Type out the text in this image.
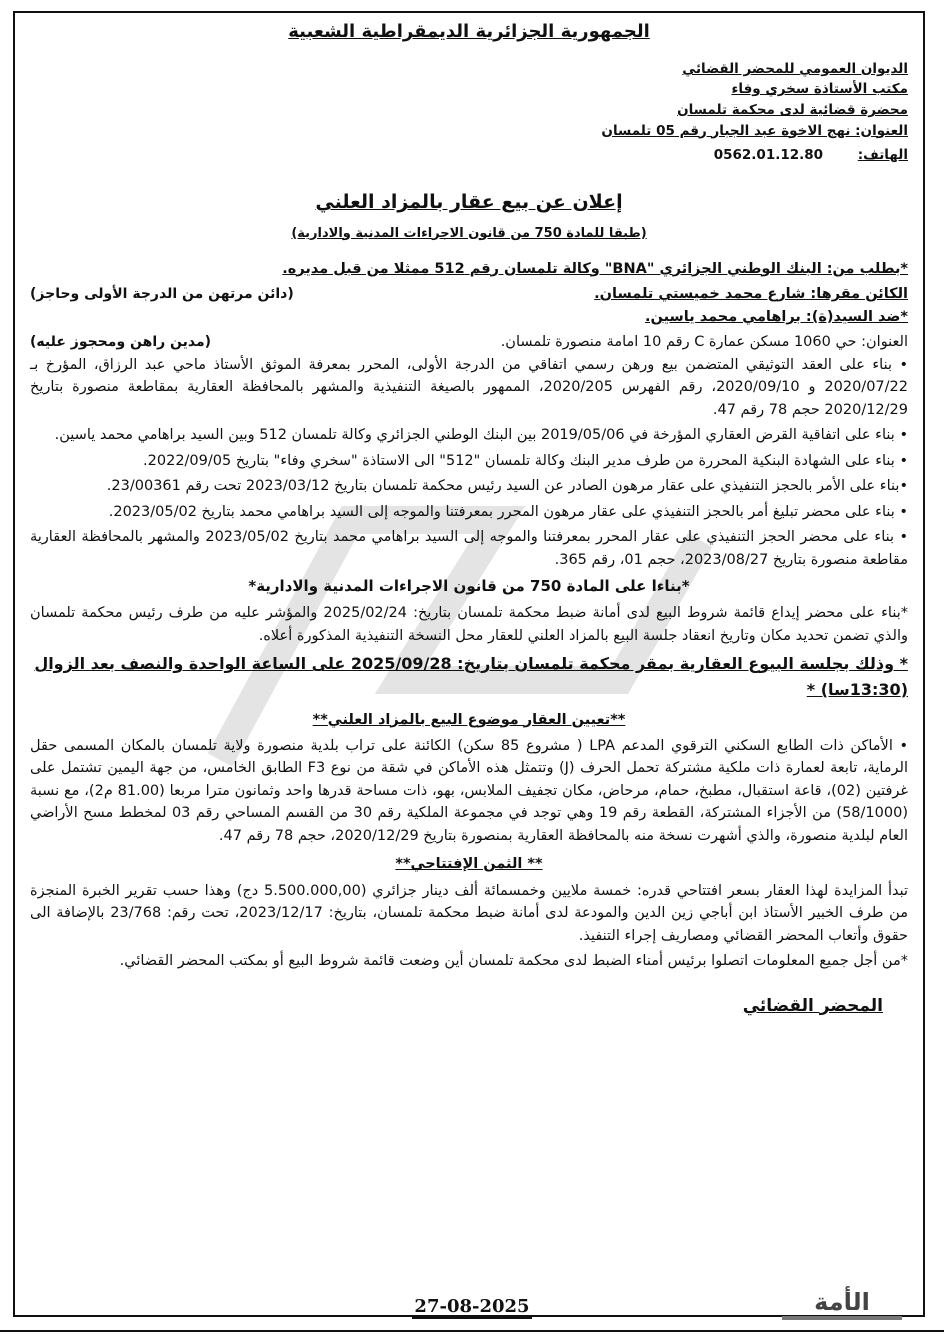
الجمهورية الجزائرية الديمقراطية الشعبية
الديوان العمومي للمحضر القضائي
مكتب الأستاذة سخري وفاء
محضرة قضائية لدى محكمة تلمسان
العنوان: نهج الاخوة عبد الجبار رقم 05 تلمسان
الهاتف: 0562.01.12.80
إعلان عن بيع عقار بالمزاد العلني
(طبقا للمادة 750 من قانون الاجراءات المدنية والادارية)

*بطلب من: البنك الوطني الجزائري "BNA" وكالة تلمسان رقم 512 ممثلا من قبل مديره.

الكائن مقرها: شارع محمد خميستي تلمسان.
(دائن مرتهن من الدرجة الأولى وحاجز)

*ضد السيد(ة): براهامي محمد ياسين.

العنوان: حي 1060 مسكن عمارة C رقم 10 امامة منصورة تلمسان.
(مدين راهن ومحجوز عليه)

• بناء على العقد التوثيقي المتضمن بيع ورهن رسمي اتفاقي من الدرجة الأولى، المحرر بمعرفة الموثق الأستاذ ماحي عبد الرزاق، المؤرخ بـ 2020/07/22 و 2020/09/10، رقم الفهرس 2020/205، الممهور بالصيغة التنفيذية والمشهر بالمحافظة العقارية بمقاطعة منصورة بتاريخ 2020/12/29 حجم 78 رقم 47.

• بناء على اتفاقية القرض العقاري المؤرخة في 2019/05/06 بين البنك الوطني الجزائري وكالة تلمسان 512 وبين السيد براهامي محمد ياسين.

• بناء على الشهادة البنكية المحررة من طرف مدير البنك وكالة تلمسان "512" الى الاستاذة "سخري وفاء" بتاريخ 2022/09/05.

•بناء على الأمر بالحجز التنفيذي على عقار مرهون الصادر عن السيد رئيس محكمة تلمسان بتاريخ 2023/03/12 تحت رقم 23/00361.

• بناء على محضر تبليغ أمر بالحجز التنفيذي على عقار مرهون المحرر بمعرفتنا والموجه إلى السيد براهامي محمد بتاريخ 2023/05/02.

• بناء على محضر الحجز التنفيذي على عقار المحرر بمعرفتنا والموجه إلى السيد براهامي محمد بتاريخ 2023/05/02 والمشهر بالمحافظة العقارية مقاطعة منصورة بتاريخ 2023/08/27، حجم 01، رقم 365.

*بناءا على المادة 750 من قانون الاجراءات المدنية والادارية*

*بناء على محضر إيداع قائمة شروط البيع لدى أمانة ضبط محكمة تلمسان بتاريخ: 2025/02/24 والمؤشر عليه من طرف رئيس محكمة تلمسان والذي تضمن تحديد مكان وتاريخ انعقاد جلسة البيع بالمزاد العلني للعقار محل النسخة التنفيذية المذكورة أعلاه.

* وذلك بجلسة البيوع العقارية بمقر محكمة تلمسان بتاريخ: 2025/09/28 على الساعة الواحدة والنصف بعد الزوال (13:30سا) *
**تعيين العقار موضوع البيع بالمزاد العلني**

• الأماكن ذات الطابع السكني الترقوي المدعم LPA ( مشروع 85 سكن) الكائنة على تراب بلدية منصورة ولاية تلمسان بالمكان المسمى حقل الرماية، تابعة لعمارة ذات ملكية مشتركة تحمل الحرف (J) وتتمثل هذه الأماكن في شقة من نوع F3 الطابق الخامس، من جهة اليمين تشتمل على غرفتين (02)، قاعة استقبال، مطبخ، حمام، مرحاض، مكان تجفيف الملابس، بهو، ذات مساحة قدرها واحد وثمانون مترا مربعا (81.00 م2)، مع نسبة (58/1000) من الأجزاء المشتركة، القطعة رقم 19 وهي توجد في مجموعة الملكية رقم 30 من القسم المساحي رقم 03 لمخطط مسح الأراضي العام لبلدية منصورة، والذي أشهرت نسخة منه بالمحافظة العقارية بمنصورة بتاريخ 2020/12/29، حجم 78 رقم 47.

** الثمن الإفتتاحي**

تبدأ المزايدة لهذا العقار بسعر افتتاحي قدره: خمسة ملايين وخمسمائة ألف دينار جزائري (5.500.000,00 دج) وهذا حسب تقرير الخبرة المنجزة من طرف الخبير الأستاذ ابن أباجي زين الدين والمودعة لدى أمانة ضبط محكمة تلمسان، بتاريخ: 2023/12/17، تحت رقم: 23/768 بالإضافة الى حقوق وأتعاب المحضر القضائي ومصاريف إجراء التنفيذ.

*من أجل جميع المعلومات اتصلوا برئيس أمناء الضبط لدى محكمة تلمسان أين وضعت قائمة شروط البيع أو بمكتب المحضر القضائي.

المحضر القضائي
27-08-2025	الأمة
